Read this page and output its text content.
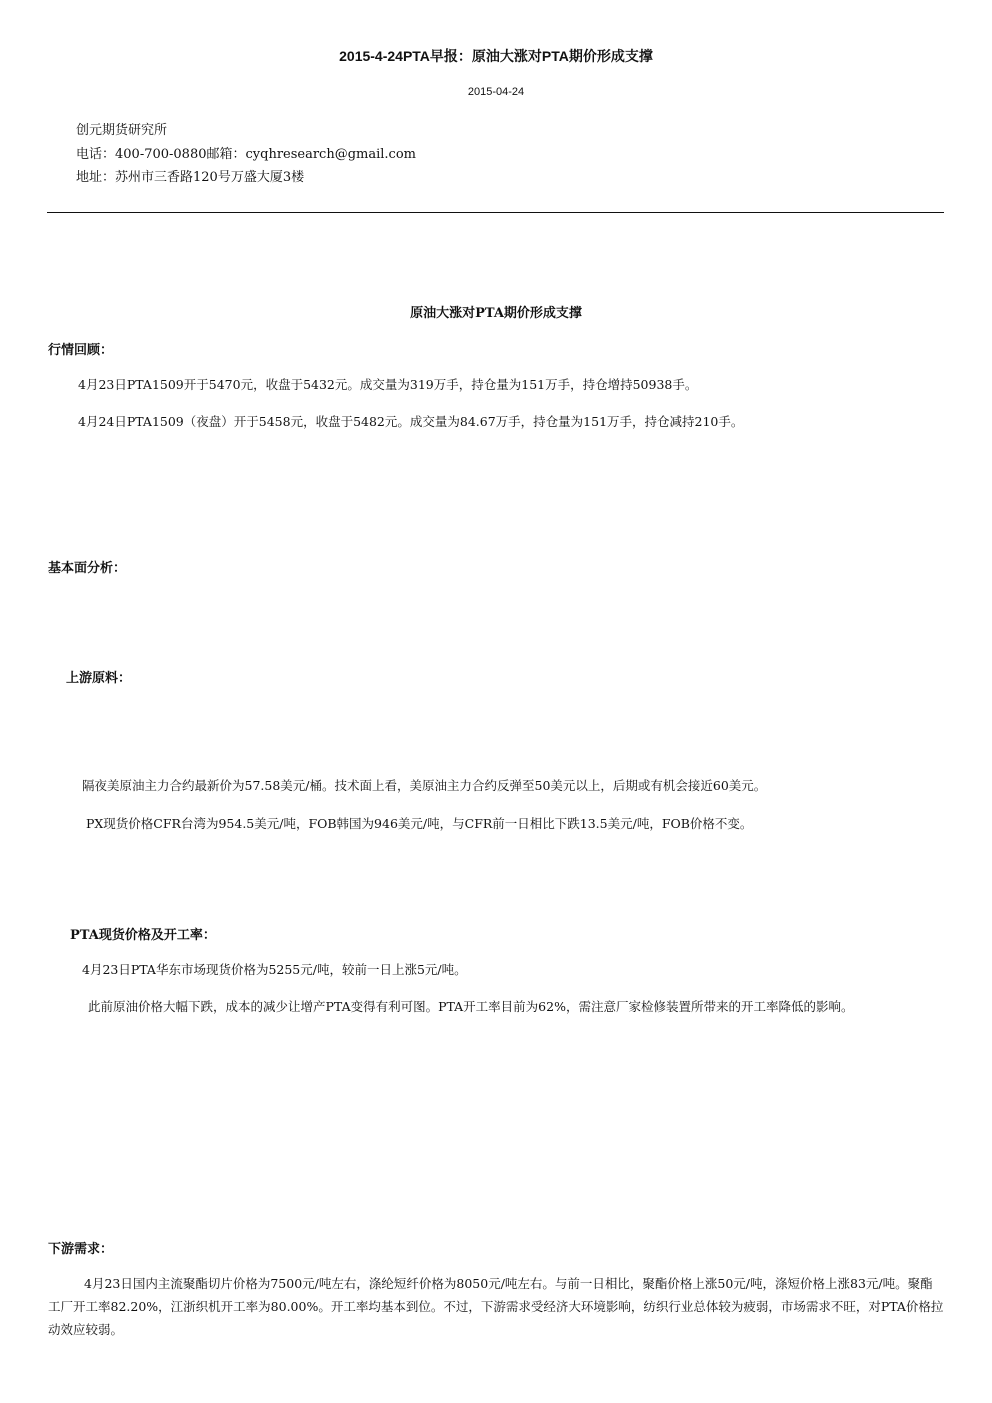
2015-4-24PTA早报：原油大涨对PTA期价形成支撑
2015-04-24
创元期货研究所
电话：400-700-0880邮箱：cyqhresearch@gmail.com
地址：苏州市三香路120号万盛大厦3楼
原油大涨对PTA期价形成支撑
行情回顾：
4月23日PTA1509开于5470元，收盘于5432元。成交量为319万手，持仓量为151万手，持仓增持50938手。
4月24日PTA1509（夜盘）开于5458元，收盘于5482元。成交量为84.67万手，持仓量为151万手，持仓减持210手。
基本面分析：
上游原料：
隔夜美原油主力合约最新价为57.58美元/桶。技术面上看，美原油主力合约反弹至50美元以上，后期或有机会接近60美元。
PX现货价格CFR台湾为954.5美元/吨，FOB韩国为946美元/吨，与CFR前一日相比下跌13.5美元/吨，FOB价格不变。
PTA现货价格及开工率：
4月23日PTA华东市场现货价格为5255元/吨，较前一日上涨5元/吨。
此前原油价格大幅下跌，成本的减少让增产PTA变得有利可图。PTA开工率目前为62%，需注意厂家检修装置所带来的开工率降低的影响。
下游需求：
4月23日国内主流聚酯切片价格为7500元/吨左右，涤纶短纤价格为8050元/吨左右。与前一日相比，聚酯价格上涨50元/吨，涤短价格上涨83元/吨。聚酯工厂开工率82.20%，江浙织机开工率为80.00%。开工率均基本到位。不过，下游需求受经济大环境影响，纺织行业总体较为疲弱，市场需求不旺，对PTA价格拉动效应较弱。
